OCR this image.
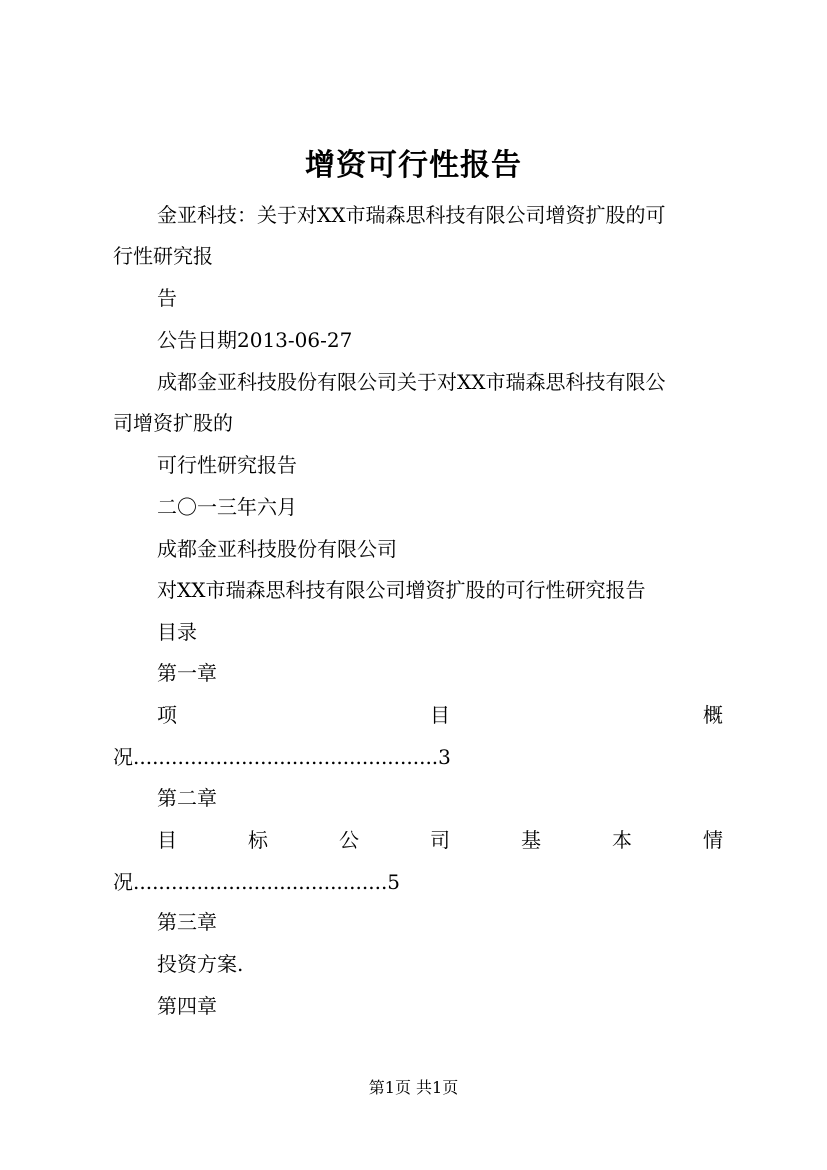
增资可行性报告
金亚科技：关于对XX市瑞森思科技有限公司增资扩股的可
行性研究报
告
公告日期2013-06-27
成都金亚科技股份有限公司关于对XX市瑞森思科技有限公
司增资扩股的
可行性研究报告
二〇一三年六月
成都金亚科技股份有限公司
对XX市瑞森思科技有限公司增资扩股的可行性研究报告
目录
第一章
项	目	概
况................................................3
第二章
目	标	公	司	基	本	情
况........................................5
第三章
投资方案.
第四章
第1页 共1页
